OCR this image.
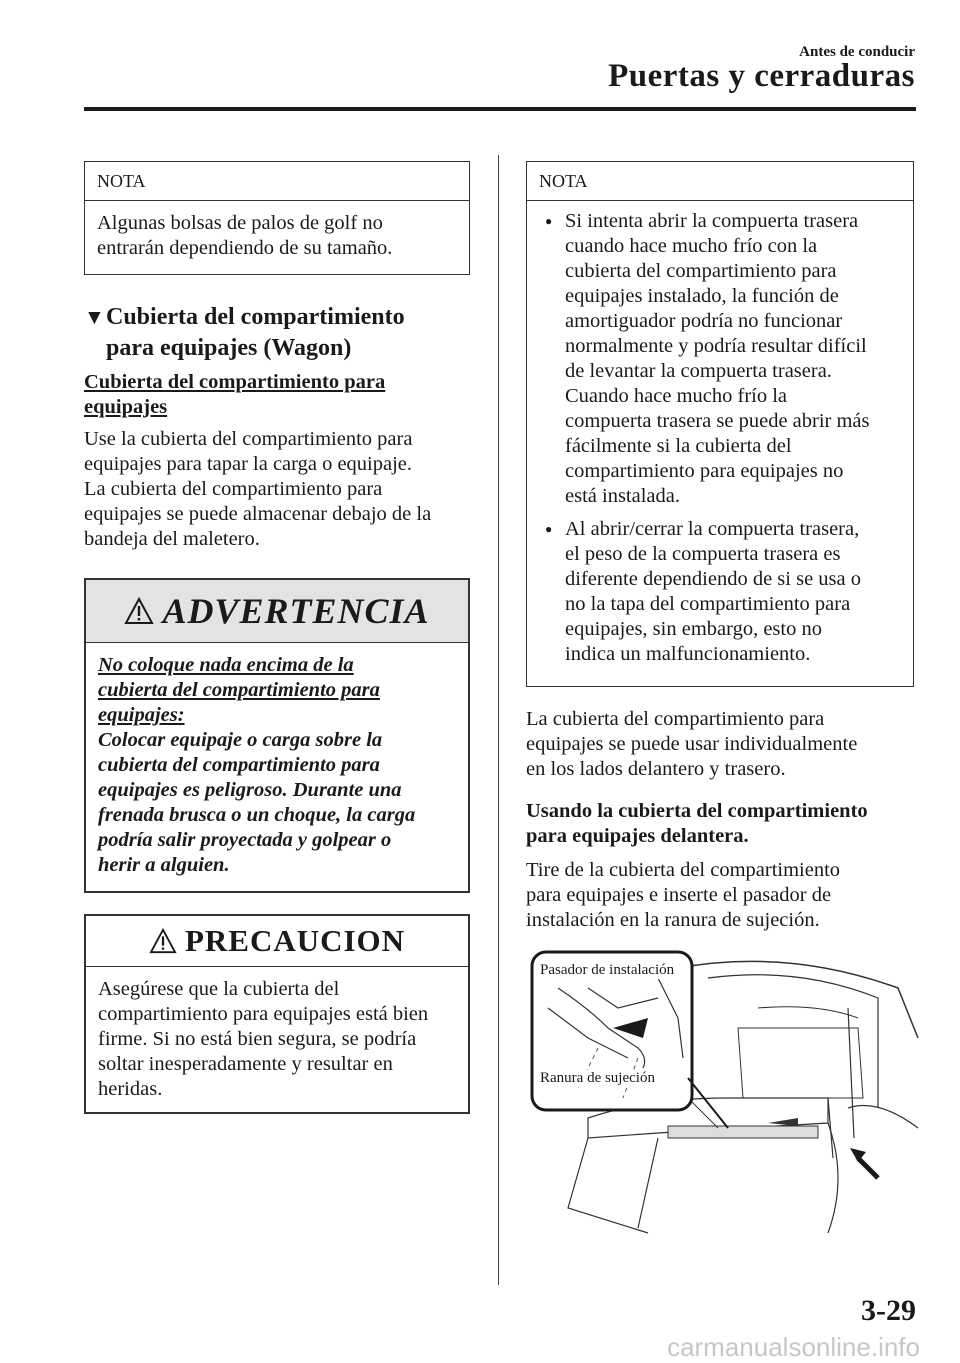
Antes de conducir
Puertas y cerraduras
NOTA
Algunas bolsas de palos de golf no
entrarán dependiendo de su tamaño.
▼ Cubierta del compartimiento
para equipajes (Wagon)
Cubierta del compartimiento para
equipajes
Use la cubierta del compartimiento para
equipajes para tapar la carga o equipaje.
La cubierta del compartimiento para
equipajes se puede almacenar debajo de la
bandeja del maletero.
ADVERTENCIA
No coloque nada encima de la
cubierta del compartimiento para
equipajes:
Colocar equipaje o carga sobre la
cubierta del compartimiento para
equipajes es peligroso. Durante una
frenada brusca o un choque, la carga
podría salir proyectada y golpear o
herir a alguien.
PRECAUCION
Asegúrese que la cubierta del
compartimiento para equipajes está bien
firme. Si no está bien segura, se podría
soltar inesperadamente y resultar en
heridas.
NOTA
● Si intenta abrir la compuerta trasera
cuando hace mucho frío con la
cubierta del compartimiento para
equipajes instalado, la función de
amortiguador podría no funcionar
normalmente y podría resultar difícil
de levantar la compuerta trasera.
Cuando hace mucho frío la
compuerta trasera se puede abrir más
fácilmente si la cubierta del
compartimiento para equipajes no
está instalada.
● Al abrir/cerrar la compuerta trasera,
el peso de la compuerta trasera es
diferente dependiendo de si se usa o
no la tapa del compartimiento para
equipajes, sin embargo, esto no
indica un malfuncionamiento.
La cubierta del compartimiento para
equipajes se puede usar individualmente
en los lados delantero y trasero.
Usando la cubierta del compartimiento
para equipajes delantera.
Tire de la cubierta del compartimiento
para equipajes e inserte el pasador de
instalación en la ranura de sujeción.
Pasador de instalación
Ranura de sujeción
3-29
carmanualsonline.info
